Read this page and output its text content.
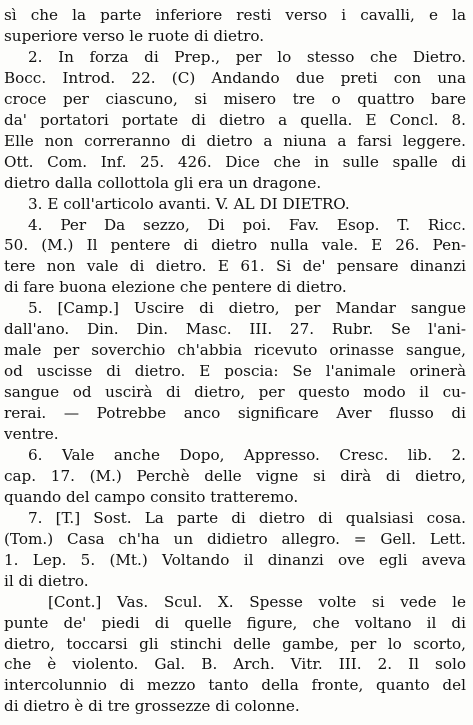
sì che la parte inferiore resti verso i cavalli, e la
superiore verso le ruote di dietro.
2. In forza di Prep., per lo stesso che Dietro.
Bocc. Introd. 22. (C) Andando due preti con una
croce per ciascuno, si misero tre o quattro bare
da' portatori portate di dietro a quella. E Concl. 8.
Elle non correranno di dietro a niuna a farsi leggere.
Ott. Com. Inf. 25. 426. Dice che in sulle spalle di
dietro dalla collottola gli era un dragone.
3. E coll'articolo avanti. V. AL DI DIETRO.
4. Per Da sezzo, Di poi. Fav. Esop. T. Ricc.
50. (M.) Il pentere di dietro nulla vale. E 26. Pen-
tere non vale di dietro. E 61. Si de' pensare dinanzi
di fare buona elezione che pentere di dietro.
5. [Camp.] Uscire di dietro, per Mandar sangue
dall'ano. Din. Din. Masc. III. 27. Rubr. Se l'ani-
male per soverchio ch'abbia ricevuto orinasse sangue,
od uscisse di dietro. E poscia: Se l'animale orinerà
sangue od uscirà di dietro, per questo modo il cu-
rerai. — Potrebbe anco significare Aver flusso di
ventre.
6. Vale anche Dopo, Appresso. Cresc. lib. 2.
cap. 17. (M.) Perchè delle vigne si dirà di dietro,
quando del campo consito tratteremo.
7. [T.] Sost. La parte di dietro di qualsiasi cosa.
(Tom.) Casa ch'ha un didietro allegro. = Gell. Lett.
1. Lep. 5. (Mt.) Voltando il dinanzi ove egli aveva
il di dietro.
[Cont.] Vas. Scul. X. Spesse volte si vede le
punte de' piedi di quelle figure, che voltano il di
dietro, toccarsi gli stinchi delle gambe, per lo scorto,
che è violento. Gal. B. Arch. Vitr. III. 2. Il solo
intercolunnio di mezzo tanto della fronte, quanto del
di dietro è di tre grossezze di colonne.
